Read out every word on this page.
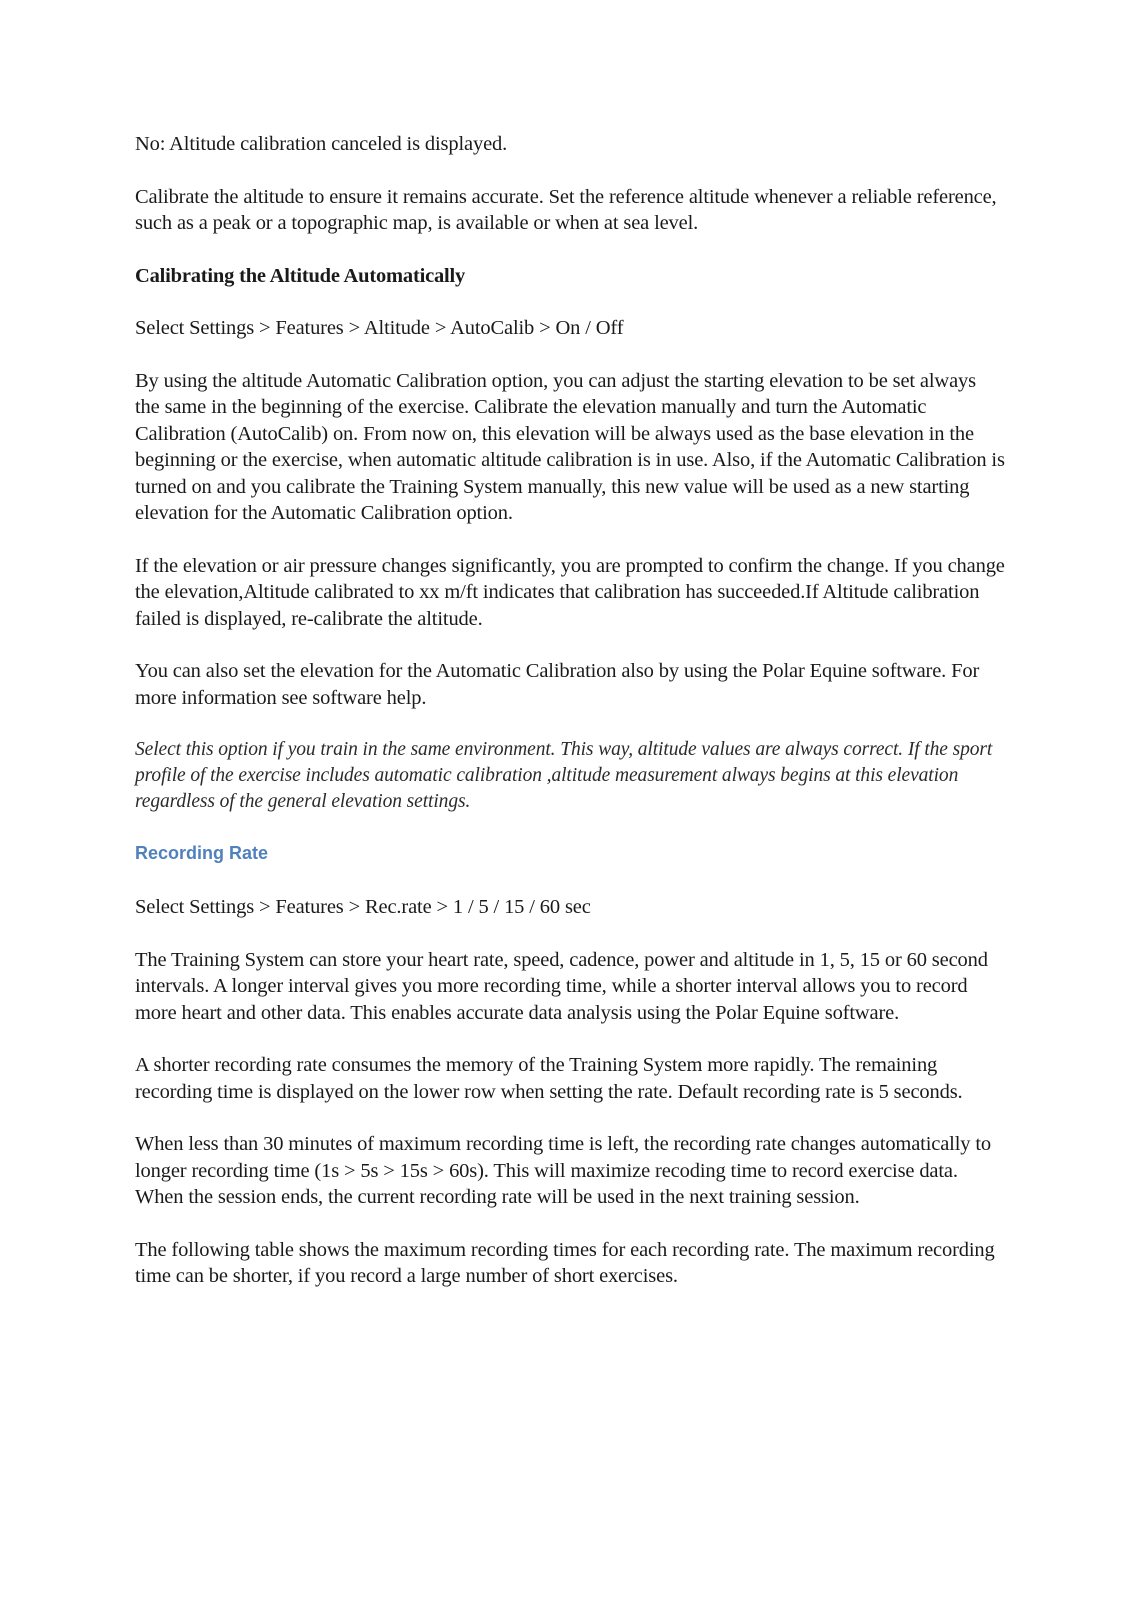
No: Altitude calibration canceled is displayed.

Calibrate the altitude to ensure it remains accurate. Set the reference altitude whenever a reliable reference, such as a peak or a topographic map, is available or when at sea level.

Calibrating the Altitude Automatically

Select Settings > Features > Altitude > AutoCalib > On / Off

By using the altitude Automatic Calibration option, you can adjust the starting elevation to be set always the same in the beginning of the exercise. Calibrate the elevation manually and turn the Automatic Calibration (AutoCalib) on. From now on, this elevation will be always used as the base elevation in the beginning or the exercise, when automatic altitude calibration is in use. Also, if the Automatic Calibration is turned on and you calibrate the Training System manually, this new value will be used as a new starting elevation for the Automatic Calibration option.

If the elevation or air pressure changes significantly, you are prompted to confirm the change. If you change the elevation,Altitude calibrated to xx m/ft indicates that calibration has succeeded.If Altitude calibration failed is displayed, re-calibrate the altitude.

You can also set the elevation for the Automatic Calibration also by using the Polar Equine software. For more information see software help.

Select this option if you train in the same environment. This way, altitude values are always correct. If the sport profile of the exercise includes automatic calibration ,altitude measurement always begins at this elevation regardless of the general elevation settings.

Recording Rate

Select Settings > Features > Rec.rate > 1 / 5 / 15 / 60 sec

The Training System can store your heart rate, speed, cadence, power and altitude in 1, 5, 15 or 60 second intervals. A longer interval gives you more recording time, while a shorter interval allows you to record more heart and other data. This enables accurate data analysis using the Polar Equine software.

A shorter recording rate consumes the memory of the Training System more rapidly. The remaining recording time is displayed on the lower row when setting the rate. Default recording rate is 5 seconds.

When less than 30 minutes of maximum recording time is left, the recording rate changes automatically to longer recording time (1s > 5s > 15s > 60s). This will maximize recoding time to record exercise data. When the session ends, the current recording rate will be used in the next training session.

The following table shows the maximum recording times for each recording rate. The maximum recording time can be shorter, if you record a large number of short exercises.
